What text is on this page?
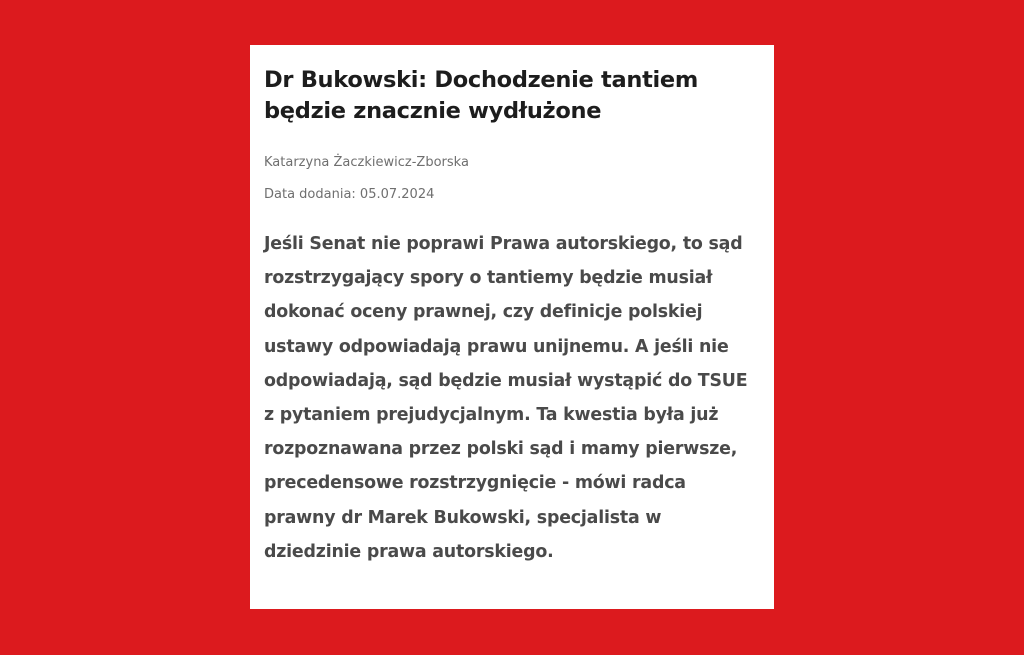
Dr Bukowski: Dochodzenie tantiem będzie znacznie wydłużone
Katarzyna Żaczkiewicz-Zborska
Data dodania: 05.07.2024

Jeśli Senat nie poprawi Prawa autorskiego, to sąd rozstrzygający spory o tantiemy będzie musiał dokonać oceny prawnej, czy definicje polskiej ustawy odpowiadają prawu unijnemu. A jeśli nie odpowiadają, sąd będzie musiał wystąpić do TSUE z pytaniem prejudycjalnym. Ta kwestia była już rozpoznawana przez polski sąd i mamy pierwsze, precedensowe rozstrzygnięcie - mówi radca prawny dr Marek Bukowski, specjalista w dziedzinie prawa autorskiego.
